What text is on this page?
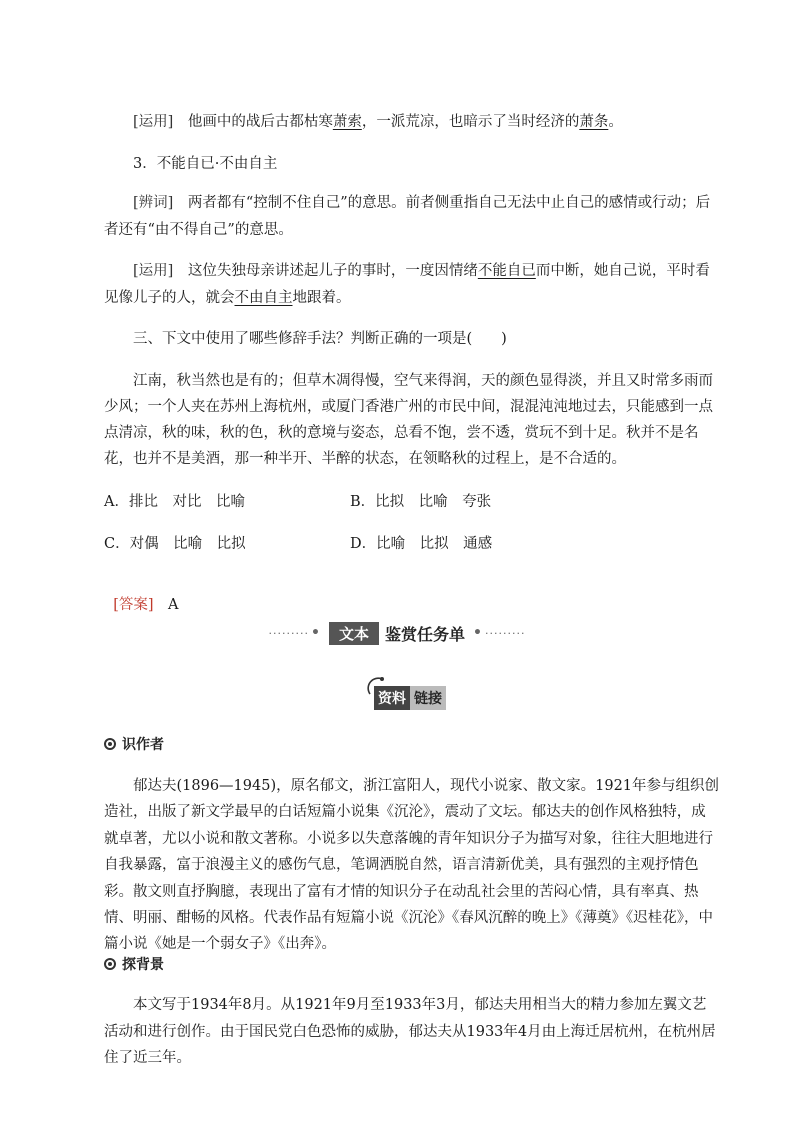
[运用]　 他画中的战后古都枯寒萧索，一派荒凉，也暗示了当时经济的萧条。

3．不能自已·不由自主

[辨词]　 两者都有“控制不住自己”的意思。前者侧重指自己无法中止自己的感情或行动；后者还有“由不得自己”的意思。

[运用]　 这位失独母亲讲述起儿子的事时，一度因情绪不能自已而中断，她自己说，平时看见像儿子的人，就会不由自主地跟着。

三、下文中使用了哪些修辞手法？判断正确的一项是(　　)

江南，秋当然也是有的；但草木凋得慢，空气来得润，天的颜色显得淡，并且又时常多雨而少风；一个人夹在苏州上海杭州，或厦门香港广州的市民中间，混混沌沌地过去，只能感到一点点清凉，秋的味，秋的色，秋的意境与姿态，总看不饱，尝不透，赏玩不到十足。秋并不是名花，也并不是美酒，那一种半开、半醉的状态，在领略秋的过程上，是不合适的。

A．排比　对比　比喻	B．比拟　比喻　夸张
C．对偶　比喻　比拟	D．比喻　比拟　通感

[答案]　 A

········· •	文本	鉴赏任务单 • ·········
资料 链接
识作者

郁达夫(1896—1945)，原名郁文，浙江富阳人，现代小说家、散文家。1921年参与组织创造社，出版了新文学最早的白话短篇小说集《沉沦》，震动了文坛。郁达夫的创作风格独特，成就卓著，尤以小说和散文著称。小说多以失意落魄的青年知识分子为描写对象，往往大胆地进行自我暴露，富于浪漫主义的感伤气息，笔调洒脱自然，语言清新优美，具有强烈的主观抒情色彩。散文则直抒胸臆，表现出了富有才情的知识分子在动乱社会里的苦闷心情，具有率真、热情、明丽、酣畅的风格。代表作品有短篇小说《沉沦》《春风沉醉的晚上》《薄奠》《迟桂花》，中篇小说《她是一个弱女子》《出奔》。

探背景

本文写于1934年8月。从1921年9月至1933年3月，郁达夫用相当大的精力参加左翼文艺活动和进行创作。由于国民党白色恐怖的威胁，郁达夫从1933年4月由上海迁居杭州，在杭州居住了近三年。
